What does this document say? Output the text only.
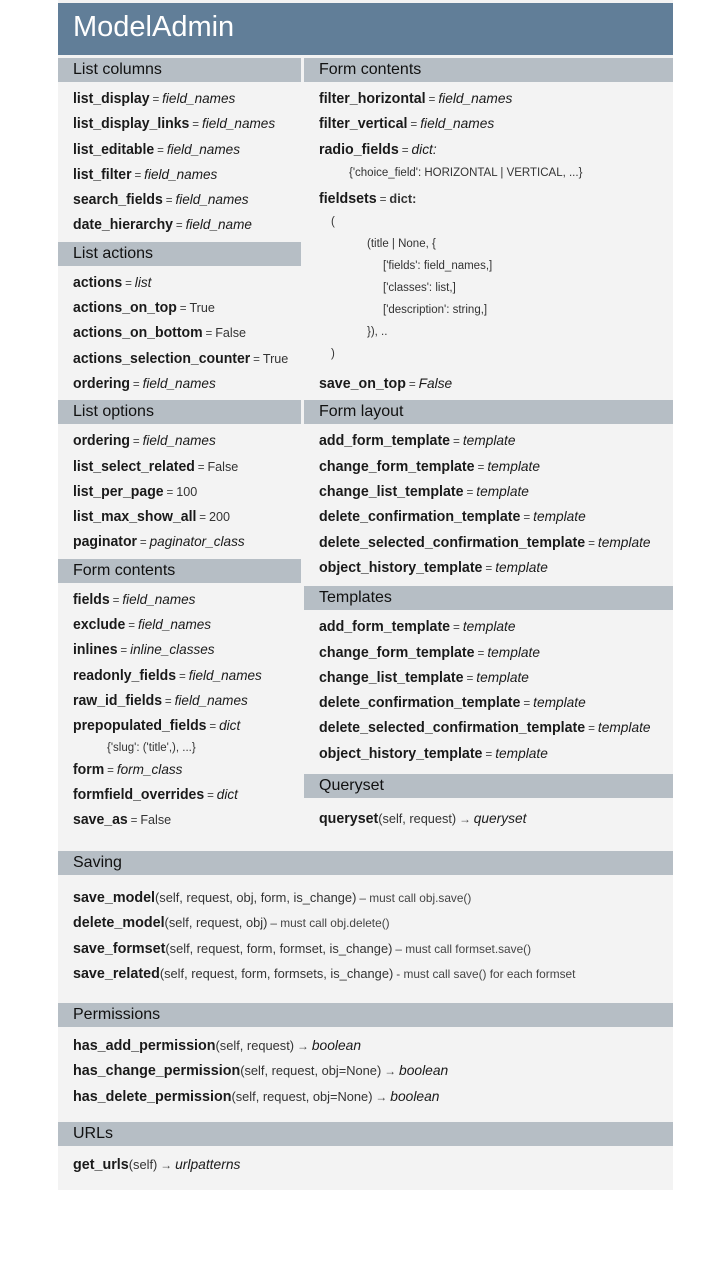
ModelAdmin
List columns
list_display = field_names
list_display_links = field_names
list_editable = field_names
list_filter = field_names
search_fields = field_names
date_hierarchy = field_name
List actions
actions = list
actions_on_top = True
actions_on_bottom = False
actions_selection_counter = True
ordering = field_names
List options
ordering = field_names
list_select_related = False
list_per_page = 100
list_max_show_all = 200
paginator = paginator_class
Form contents
fields = field_names
exclude = field_names
inlines = inline_classes
readonly_fields = field_names
raw_id_fields = field_names
prepopulated_fields = dict
{'slug': ('title',), ...}
form = form_class
formfield_overrides = dict
save_as = False
Form contents
filter_horizontal = field_names
filter_vertical = field_names
radio_fields = dict:
{'choice_field': HORIZONTAL | VERTICAL, ...}
fieldsets = dict:
(
(title | None, {
['fields': field_names,]
['classes': list,]
['description': string,]
}), ..
)
save_on_top = False
Form layout
add_form_template = template
change_form_template = template
change_list_template = template
delete_confirmation_template = template
delete_selected_confirmation_template = template
object_history_template = template
Templates
add_form_template = template
change_form_template = template
change_list_template = template
delete_confirmation_template = template
delete_selected_confirmation_template = template
object_history_template = template
Queryset
queryset(self, request) → queryset
Saving
save_model(self, request, obj, form, is_change) – must call obj.save()
delete_model(self, request, obj) – must call obj.delete()
save_formset(self, request, form, formset, is_change) – must call formset.save()
save_related(self, request, form, formsets, is_change) - must call save() for each formset
Permissions
has_add_permission(self, request) → boolean
has_change_permission(self, request, obj=None) → boolean
has_delete_permission(self, request, obj=None) → boolean
URLs
get_urls(self) → urlpatterns
